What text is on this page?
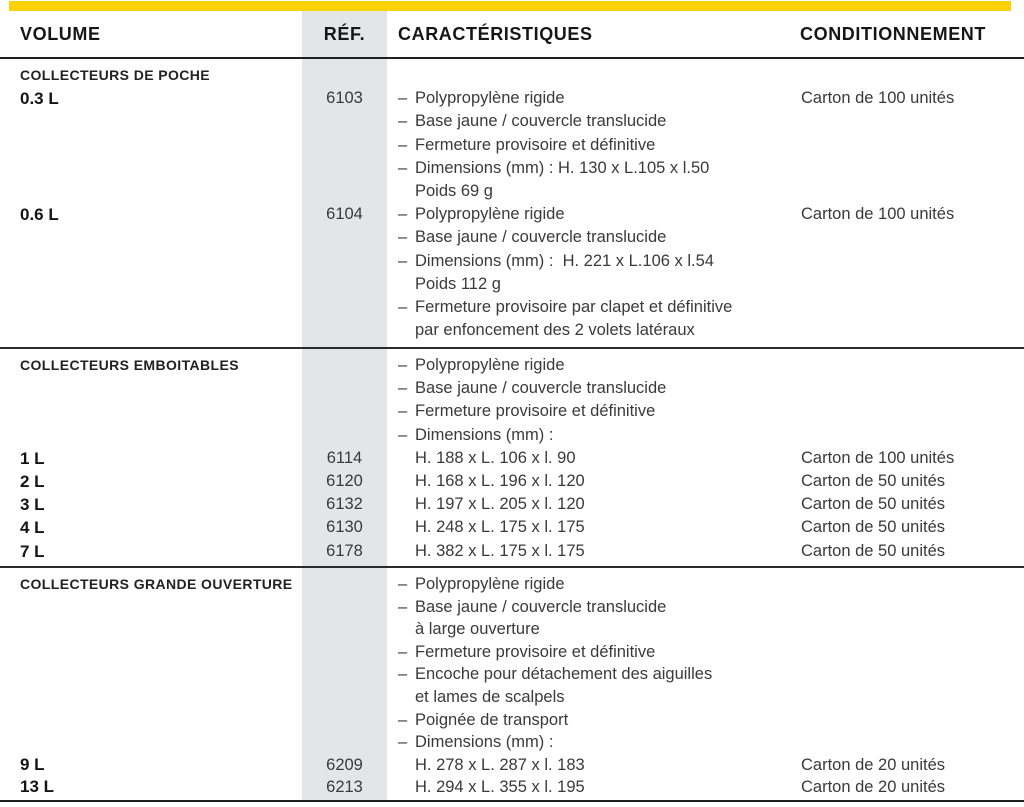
VOLUME	RÉF.	CARACTÉRISTIQUES	CONDITIONNEMENT
COLLECTEURS DE POCHE
0.3 L	6103	– Polypropylène rigide	Carton de 100 unités
– Base jaune / couvercle translucide
– Fermeture provisoire et définitive
– Dimensions (mm) : H. 130 x L.105 x l.50
Poids 69 g
0.6 L	6104	– Polypropylène rigide	Carton de 100 unités
– Base jaune / couvercle translucide
– Dimensions (mm) :  H. 221 x L.106 x l.54
Poids 112 g
– Fermeture provisoire par clapet et définitive
par enfoncement des 2 volets latéraux
COLLECTEURS EMBOITABLES	– Polypropylène rigide
– Base jaune / couvercle translucide
– Fermeture provisoire et définitive
– Dimensions (mm) :
1 L	6114	H. 188 x L. 106 x l. 90	Carton de 100 unités
2 L	6120	H. 168 x L. 196 x l. 120	Carton de 50 unités
3 L	6132	H. 197 x L. 205 x l. 120	Carton de 50 unités
4 L	6130	H. 248 x L. 175 x l. 175	Carton de 50 unités
7 L	6178	H. 382 x L. 175 x l. 175	Carton de 50 unités
COLLECTEURS GRANDE OUVERTURE	– Polypropylène rigide
– Base jaune / couvercle translucide
à large ouverture
– Fermeture provisoire et définitive
– Encoche pour détachement des aiguilles
et lames de scalpels
– Poignée de transport
– Dimensions (mm) :
9 L	6209	H. 278 x L. 287 x l. 183	Carton de 20 unités
13 L	6213	H. 294 x L. 355 x l. 195	Carton de 20 unités
